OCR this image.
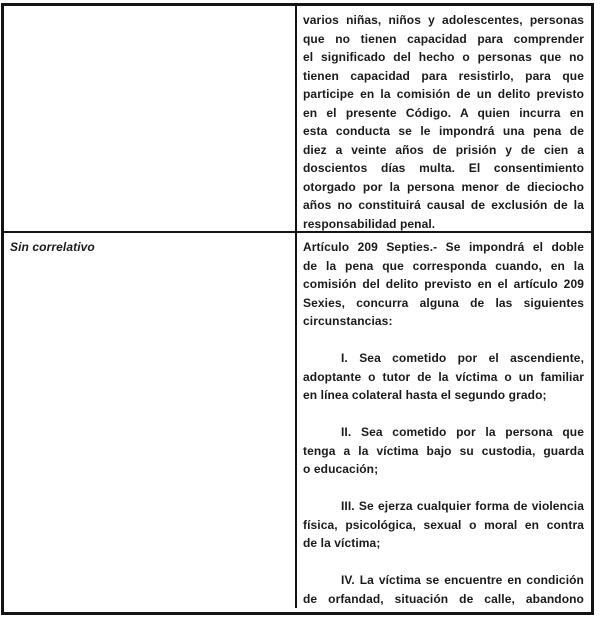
varios niñas, niños y adolescentes, personas
que no tienen capacidad para comprender
el significado del hecho o personas que no
tienen capacidad para resistirlo, para que
participe en la comisión de un delito previsto
en el presente Código. A quien incurra en
esta conducta se le impondrá una pena de
diez a veinte años de prisión y de cien a
doscientos días multa. El consentimiento
otorgado por la persona menor de dieciocho
años no constituirá causal de exclusión de la
responsabilidad penal.
Sin correlativo	Artículo 209 Septies.- Se impondrá el doble
de la pena que corresponda cuando, en la
comisión del delito previsto en el artículo 209
Sexies, concurra alguna de las siguientes
circunstancias:
I. Sea cometido por el ascendiente,
adoptante o tutor de la víctima o un familiar
en línea colateral hasta el segundo grado;
II. Sea cometido por la persona que
tenga a la víctima bajo su custodia, guarda
o educación;
III. Se ejerza cualquier forma de violencia
física, psicológica, sexual o moral en contra
de la víctima;
IV. La víctima se encuentre en condición
de orfandad, situación de calle, abandono
